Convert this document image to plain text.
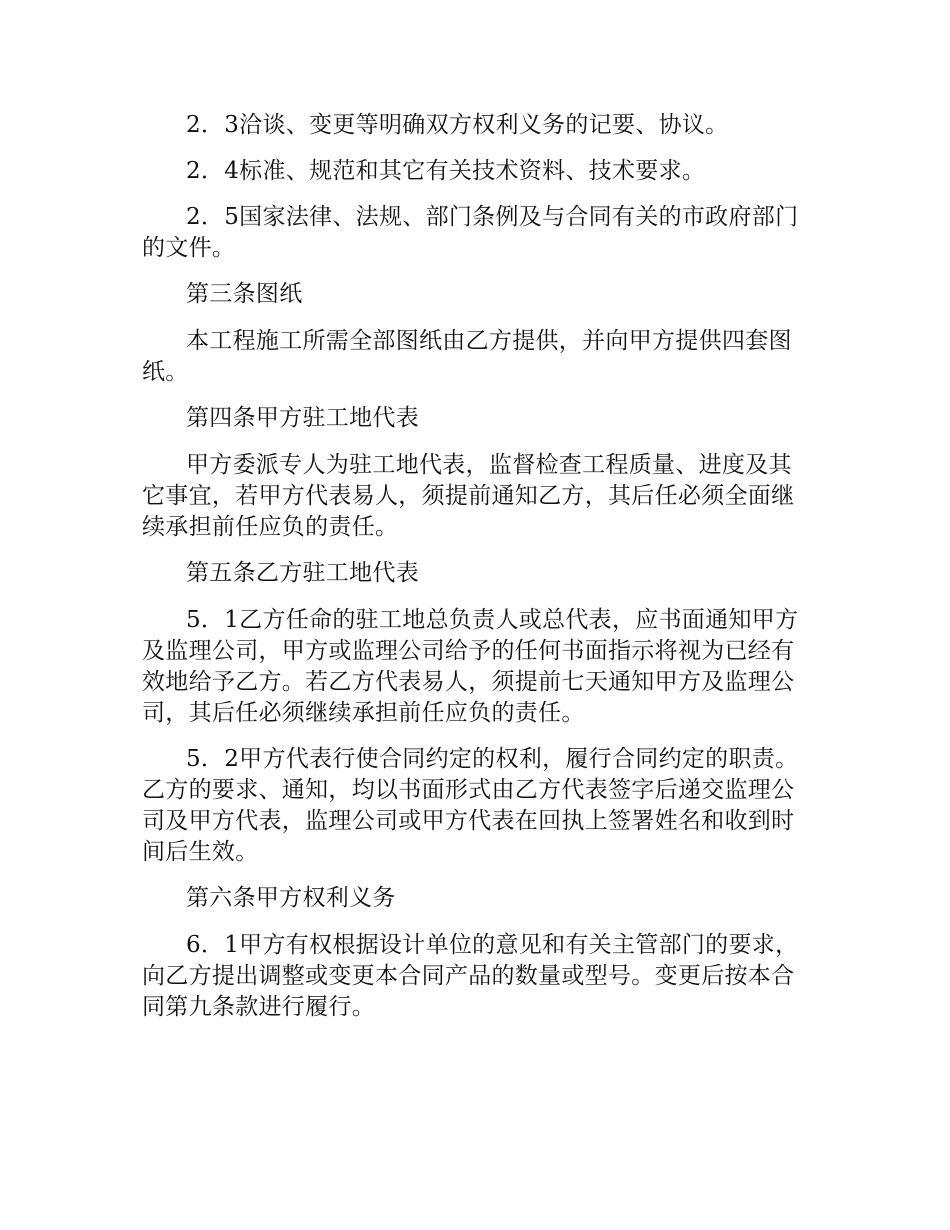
2．3洽谈、变更等明确双方权利义务的记要、协议。

2．4标准、规范和其它有关技术资料、技术要求。

2．5国家法律、法规、部门条例及与合同有关的市政府部门的文件。

第三条图纸

本工程施工所需全部图纸由乙方提供，并向甲方提供四套图纸。

第四条甲方驻工地代表

甲方委派专人为驻工地代表，监督检查工程质量、进度及其它事宜，若甲方代表易人，须提前通知乙方，其后任必须全面继续承担前任应负的责任。

第五条乙方驻工地代表

5．1乙方任命的驻工地总负责人或总代表，应书面通知甲方及监理公司，甲方或监理公司给予的任何书面指示将视为已经有效地给予乙方。若乙方代表易人，须提前七天通知甲方及监理公司，其后任必须继续承担前任应负的责任。

5．2甲方代表行使合同约定的权利，履行合同约定的职责。乙方的要求、通知，均以书面形式由乙方代表签字后递交监理公司及甲方代表，监理公司或甲方代表在回执上签署姓名和收到时间后生效。

第六条甲方权利义务

6．1甲方有权根据设计单位的意见和有关主管部门的要求，向乙方提出调整或变更本合同产品的数量或型号。变更后按本合同第九条款进行履行。
